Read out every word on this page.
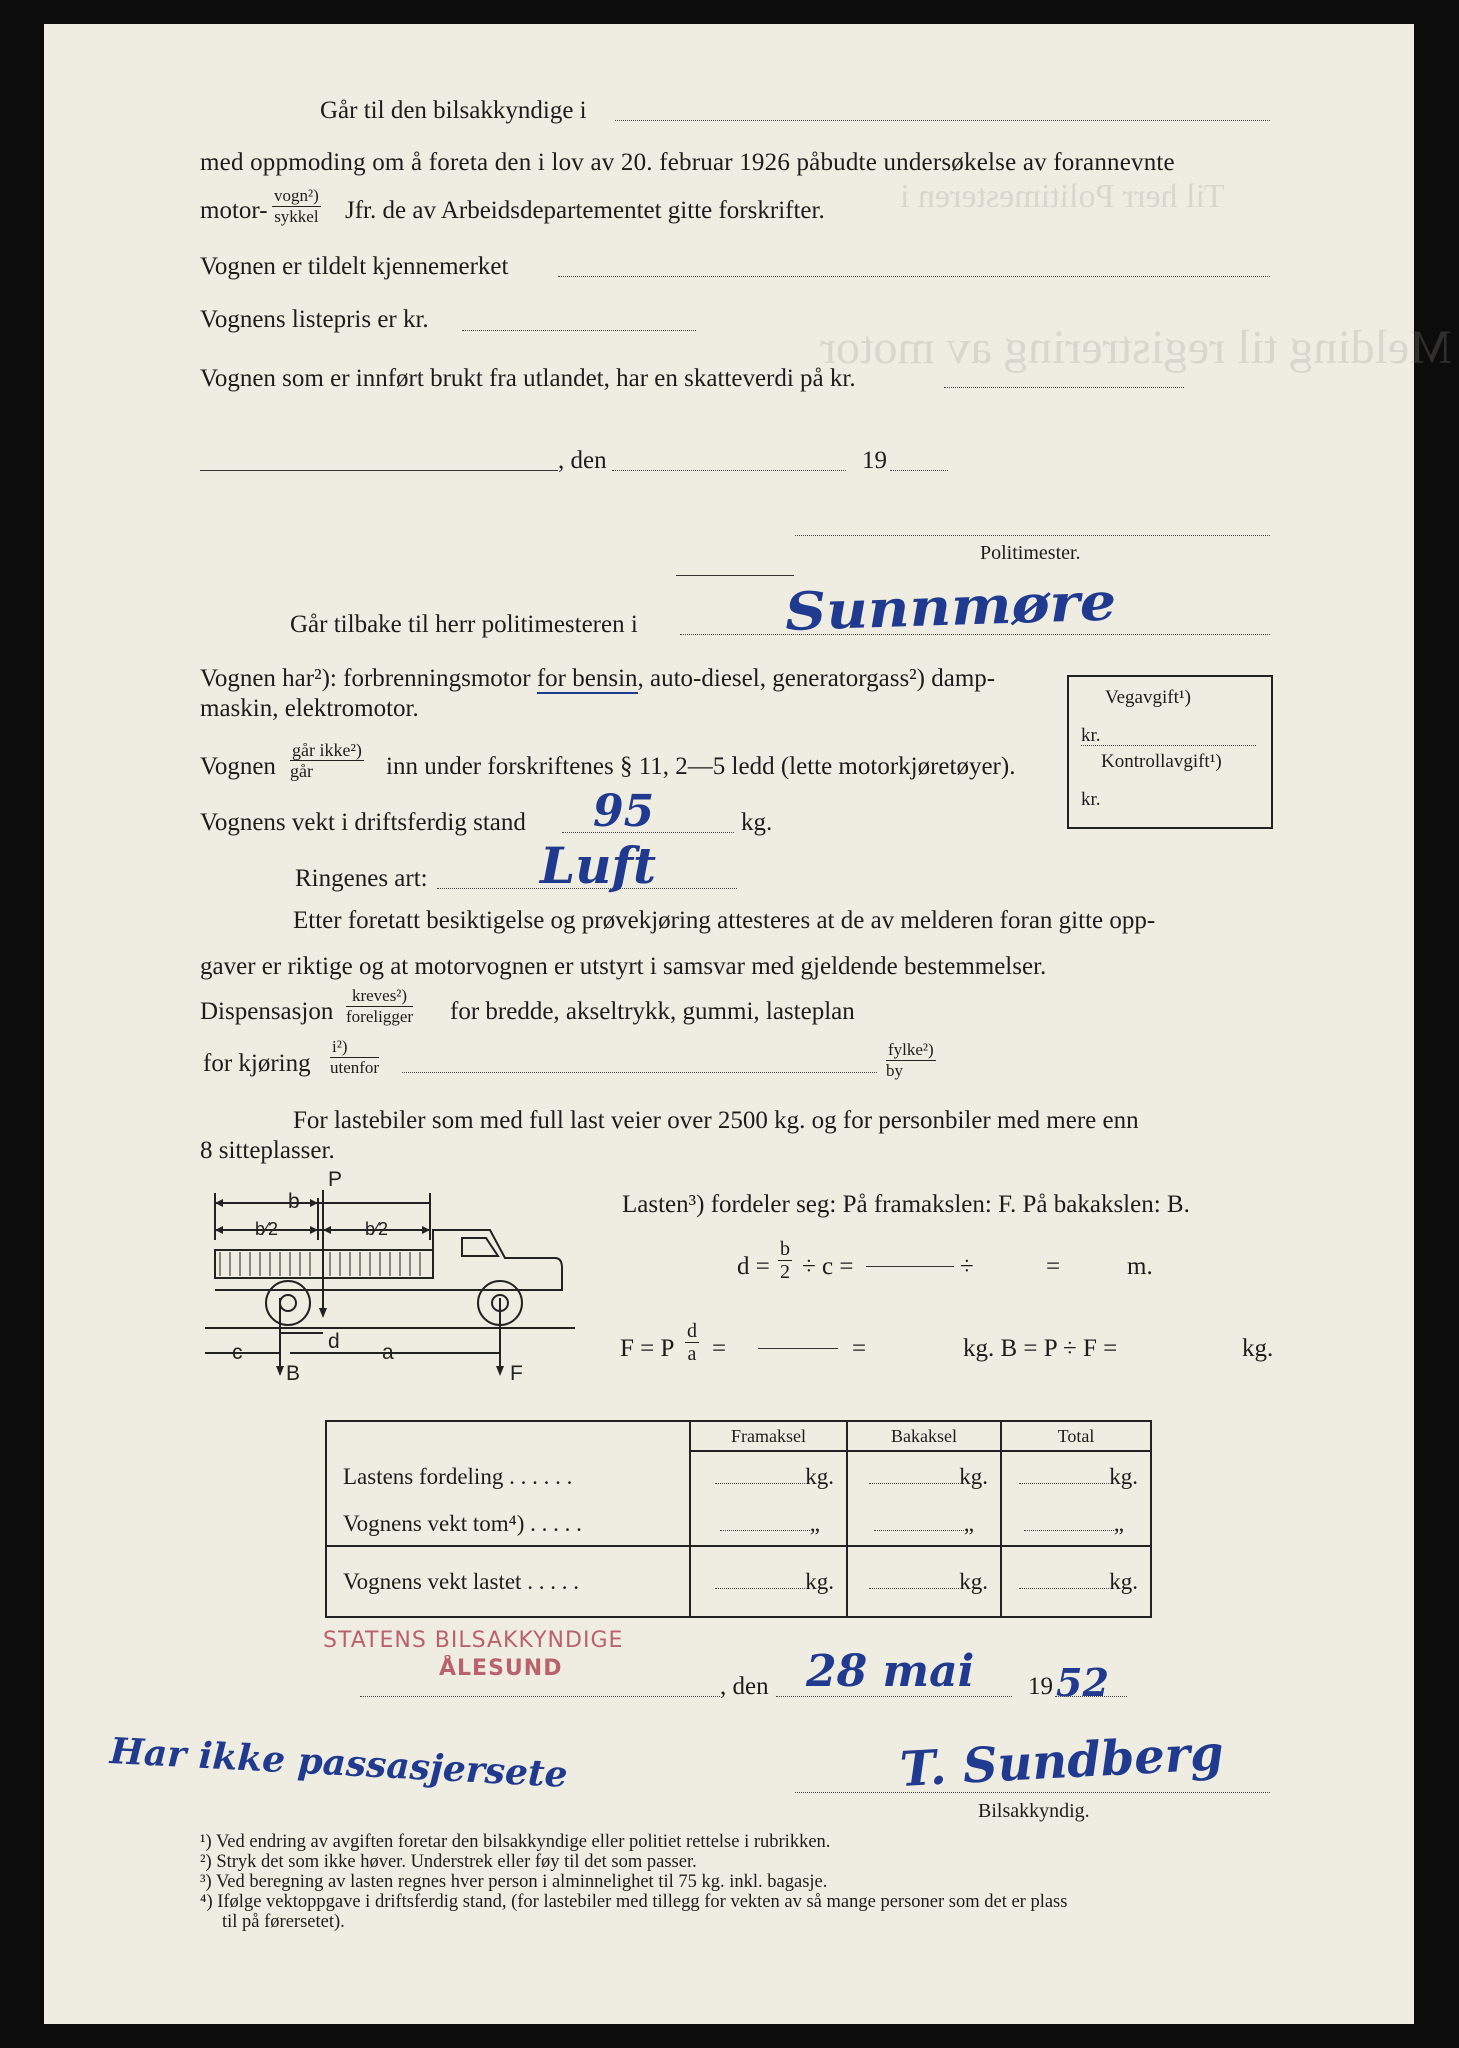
Til herr Politimesteren i
Melding til registrering av motor
Går til den bilsakkyndige i
med oppmoding om å foreta den i lov av 20. februar 1926 påbudte undersøkelse av forannevnte
motor-
vogn²)
sykkel Jfr. de av Arbeidsdepartementet gitte forskrifter.
Vognen er tildelt kjennemerket
Vognens listepris er kr.
Vognen som er innført brukt fra utlandet, har en skatteverdi på kr.
, den	19
Politimester.
Går tilbake til herr politimesteren i	Sunnmøre
Vognen har²): forbrenningsmotor for bensin, auto-diesel, generatorgass²) damp-
maskin, elektromotor.	Vegavgift¹)
kr.
Kontrollavgift¹)
kr.
Vognen
går ikke²)
går	inn under forskriftenes § 11, 2—5 ledd (lette motorkjøretøyer).
Vognens vekt i driftsferdig stand 95	kg.
Ringenes art: Luft
Etter foretatt besiktigelse og prøvekjøring attesteres at de av melderen foran gitte opp-
gaver er riktige og at motorvognen er utstyrt i samsvar med gjeldende bestemmelser.
Dispensasjon
kreves²)
foreligger for bredde, akseltrykk, gummi, lasteplan
for kjøring
i²)
utenfor
fylke²)
by
For lastebiler som med full last veier over 2500 kg. og for personbiler med mere enn
8 sitteplasser.
P
b
b⁄2	b⁄2
c	d a
B	F
Lasten³) fordeler seg: På framakslen: F. På bakakslen: B.
$d = \frac{b}{2} \div c$ =	÷	=	m.
F = P $\frac{d}{a}$ =	=	kg. B = P ÷ F =	kg.
	Framaksel	Bakaksel	Total
Lastens fordeling . . . . . .	kg.	kg.	kg.
Vognens vekt tom⁴) . . . . .	„	„	„
Vognens vekt lastet . . . . .	kg.	kg.	kg.
STATENS BILSAKKYNDIGE
ÅLESUND
, den 28 mai 19 52
Har ikke passasjersete	T. Sundberg
Bilsakkyndig.
¹) Ved endring av avgiften foretar den bilsakkyndige eller politiet rettelse i rubrikken.
²) Stryk det som ikke høver. Understrek eller føy til det som passer.
³) Ved beregning av lasten regnes hver person i alminnelighet til 75 kg. inkl. bagasje.
⁴) Ifølge vektoppgave i driftsferdig stand, (for lastebiler med tillegg for vekten av så mange personer som det er plass
til på førersetet).
